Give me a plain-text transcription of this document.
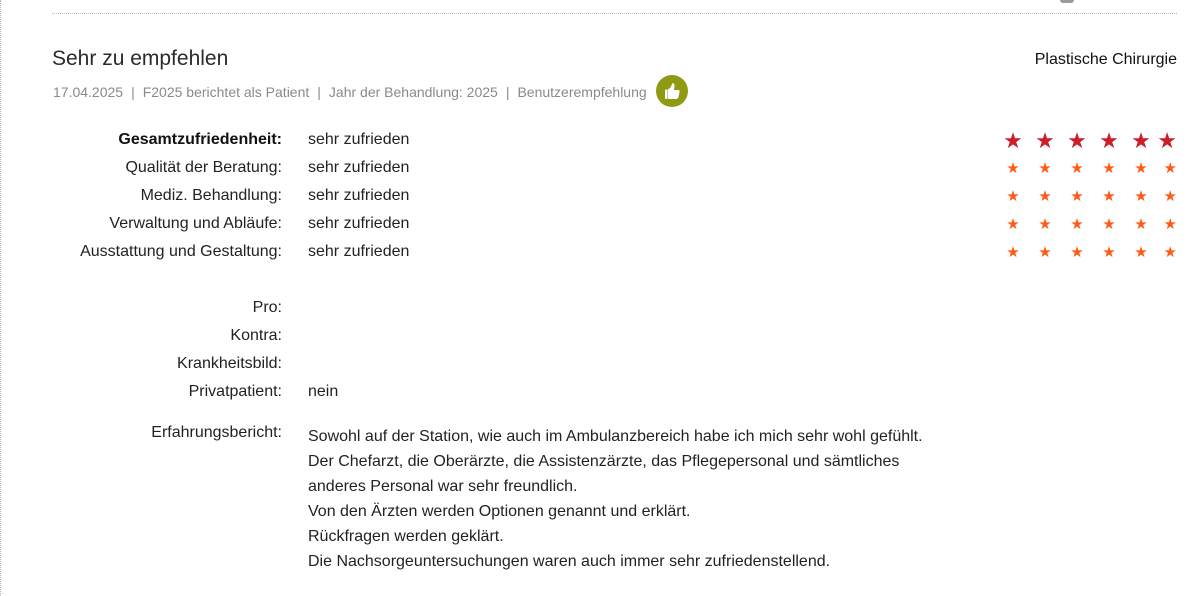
Sehr zu empfehlen	Plastische Chirurgie
17.04.2025 | F2025 berichtet als Patient | Jahr der Behandlung: 2025 | Benutzerempfehlung
Gesamtzufriedenheit: sehr zufrieden	★ ★ ★ ★ ★ ★
Qualität der Beratung: sehr zufrieden	★	★	★	★	★	★
Mediz. Behandlung: sehr zufrieden	★	★	★	★	★	★
Verwaltung und Abläufe: sehr zufrieden	★	★	★	★	★	★
Ausstattung und Gestaltung: sehr zufrieden	★	★	★	★	★	★
Pro:
Kontra:
Krankheitsbild:
Privatpatient: nein
Erfahrungsbericht: Sowohl auf der Station, wie auch im Ambulanzbereich habe ich mich sehr wohl gefühlt.
Der Chefarzt, die Oberärzte, die Assistenzärzte, das Pflegepersonal und sämtliches
anderes Personal war sehr freundlich.
Von den Ärzten werden Optionen genannt und erklärt.
Rückfragen werden geklärt.
Die Nachsorgeuntersuchungen waren auch immer sehr zufriedenstellend.
